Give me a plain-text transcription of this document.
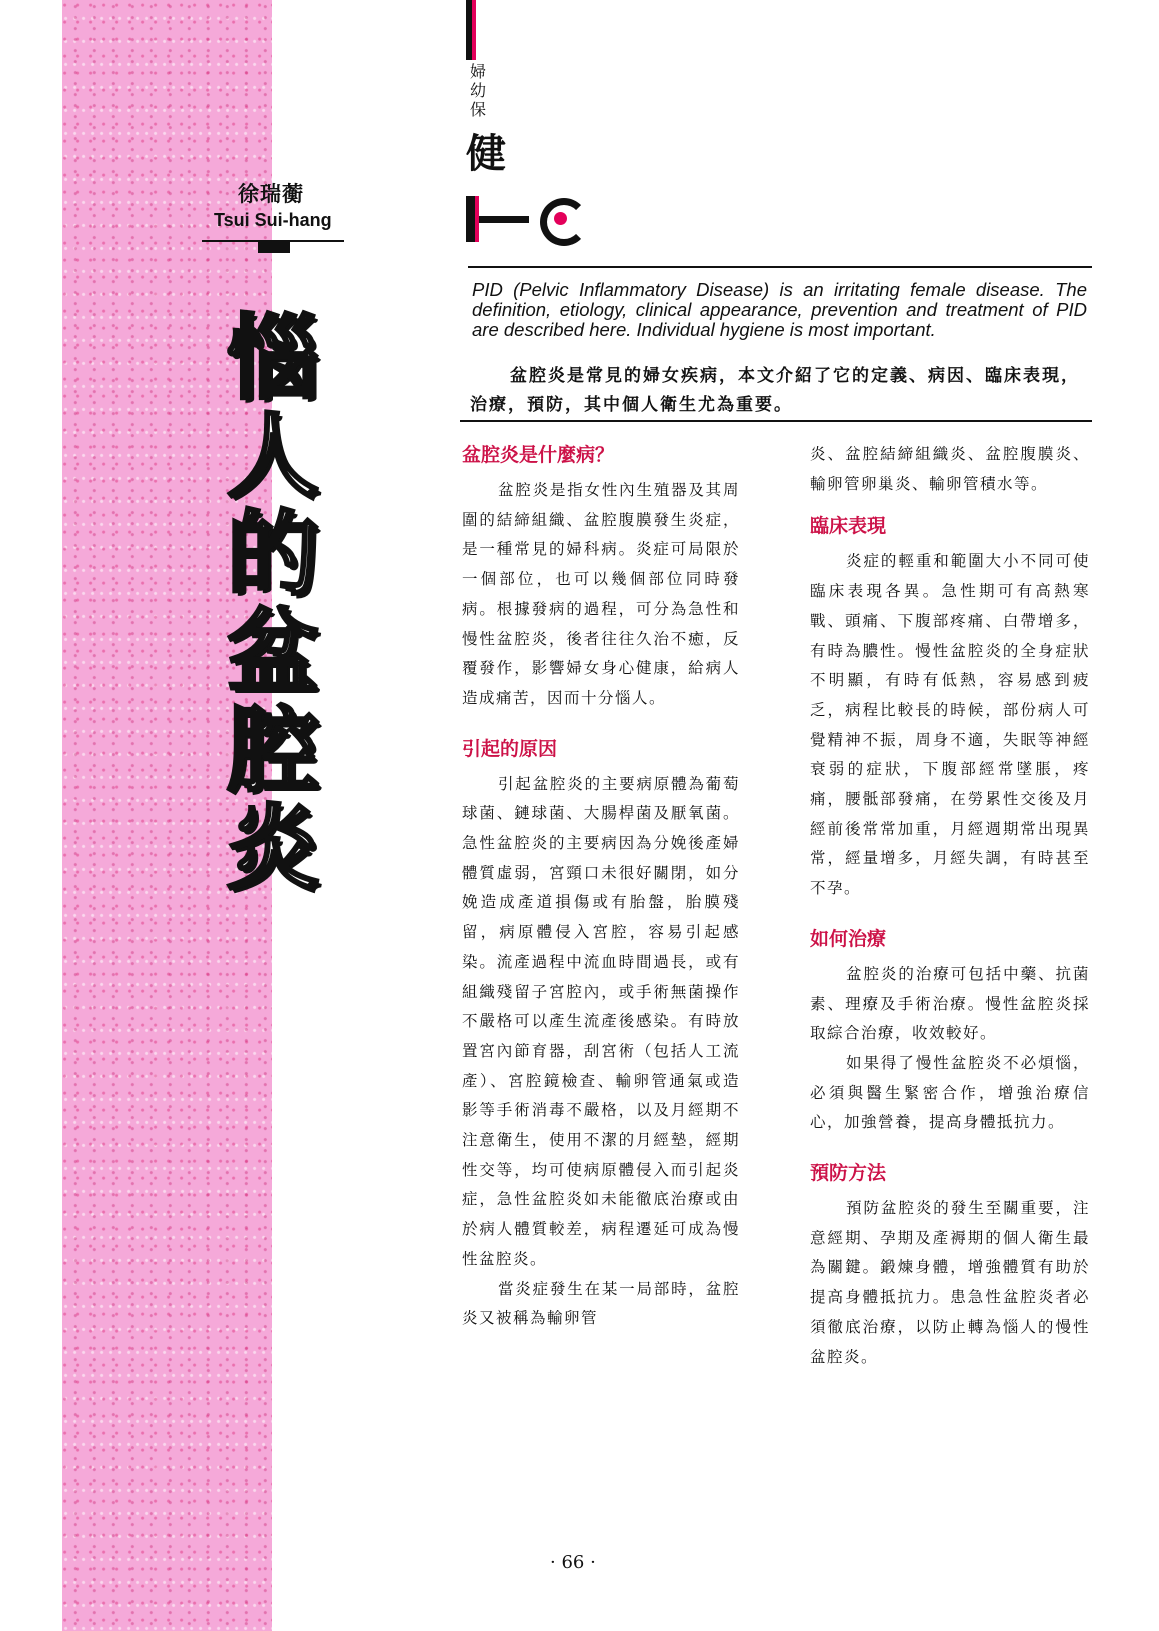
徐瑞蘅
Tsui Sui-hang
惱
人
的
盆
腔
炎
婦幼保
健
PID (Pelvic Inflammatory Disease) is an irritating female disease. The definition, etiology, clinical appearance, prevention and treatment of PID are described here. Individual hygiene is most important.
盆腔炎是常見的婦女疾病，本文介紹了它的定義、病因、臨床表現，治療，預防，其中個人衛生尤為重要。
盆腔炎是什麼病？

盆腔炎是指女性內生殖器及其周圍的結締組織、盆腔腹膜發生炎症，是一種常見的婦科病。炎症可局限於一個部位，也可以幾個部位同時發病。根據發病的過程，可分為急性和慢性盆腔炎，後者往往久治不癒，反覆發作，影響婦女身心健康，給病人造成痛苦，因而十分惱人。

引起的原因

引起盆腔炎的主要病原體為葡萄球菌、鏈球菌、大腸桿菌及厭氧菌。急性盆腔炎的主要病因為分娩後產婦體質虛弱，宮頸口未很好關閉，如分娩造成產道損傷或有胎盤，胎膜殘留，病原體侵入宮腔，容易引起感染。流產過程中流血時間過長，或有組織殘留子宮腔內，或手術無菌操作不嚴格可以產生流產後感染。有時放置宮內節育器，刮宮術（包括人工流產）、宮腔鏡檢查、輸卵管通氣或造影等手術消毒不嚴格，以及月經期不注意衛生，使用不潔的月經墊，經期性交等，均可使病原體侵入而引起炎症，急性盆腔炎如未能徹底治療或由於病人體質較差，病程遷延可成為慢性盆腔炎。

當炎症發生在某一局部時，盆腔炎又被稱為輸卵管

炎、盆腔結締組織炎、盆腔腹膜炎、輸卵管卵巢炎、輸卵管積水等。

臨床表現

炎症的輕重和範圍大小不同可使臨床表現各異。急性期可有高熱寒戰、頭痛、下腹部疼痛、白帶增多，有時為膿性。慢性盆腔炎的全身症狀不明顯，有時有低熱，容易感到疲乏，病程比較長的時候，部份病人可覺精神不振，周身不適，失眠等神經衰弱的症狀，下腹部經常墜脹，疼痛，腰骶部發痛，在勞累性交後及月經前後常常加重，月經週期常出現異常，經量增多，月經失調，有時甚至不孕。

如何治療

盆腔炎的治療可包括中藥、抗菌素、理療及手術治療。慢性盆腔炎採取綜合治療，收效較好。

如果得了慢性盆腔炎不必煩惱，必須與醫生緊密合作，增強治療信心，加強營養，提高身體抵抗力。

預防方法

預防盆腔炎的發生至關重要，注意經期、孕期及產褥期的個人衛生最為關鍵。鍛煉身體，增強體質有助於提高身體抵抗力。患急性盆腔炎者必須徹底治療，以防止轉為惱人的慢性盆腔炎。

· 66 ·
